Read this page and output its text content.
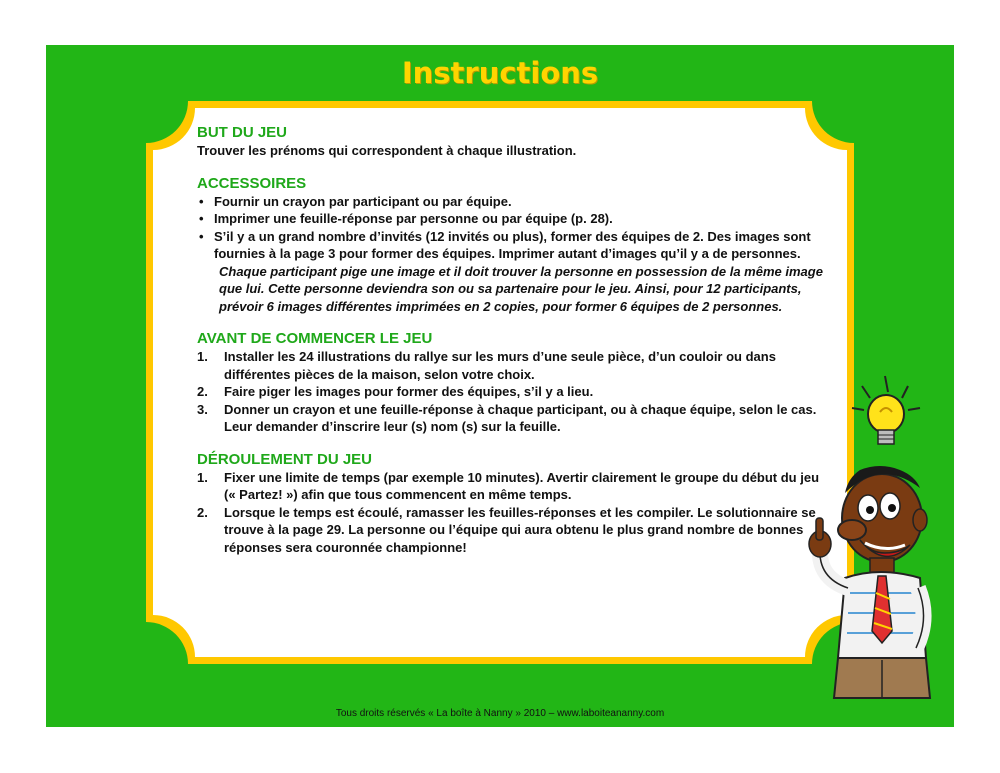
Instructions
BUT DU JEU

Trouver les prénoms qui correspondent à chaque illustration.

ACCESSOIRES
• Fournir un crayon par participant ou par équipe.
• Imprimer une feuille-réponse par personne ou par équipe (p. 28).
• S’il y a un grand nombre d’invités (12 invités ou plus), former des équipes de 2. Des images sont fournies à la page 3 pour former des équipes. Imprimer autant d’images qu’il y a de personnes.

Chaque participant pige une image et il doit trouver la personne en possession de la même image que lui. Cette personne deviendra son ou sa partenaire pour le jeu. Ainsi, pour 12 participants, prévoir 6 images différentes imprimées en 2 copies, pour former 6 équipes de 2 personnes.

AVANT DE COMMENCER LE JEU
1. Installer les 24 illustrations du rallye sur les murs d’une seule pièce, d’un couloir ou dans différentes pièces de la maison, selon votre choix.
2. Faire piger les images pour former des équipes, s’il y a lieu.
3. Donner un crayon et une feuille-réponse à chaque participant, ou à chaque équipe, selon le cas. Leur demander d’inscrire leur (s) nom (s) sur la feuille.
DÉROULEMENT DU JEU
1. Fixer une limite de temps (par exemple 10 minutes). Avertir clairement le groupe du début du jeu (« Partez! ») afin que tous commencent en même temps.
2. Lorsque le temps est écoulé, ramasser les feuilles-réponses et les compiler. Le solutionnaire se trouve à la page 29. La personne ou l’équipe qui aura obtenu le plus grand nombre de bonnes réponses sera couronnée championne!
Tous droits réservés « La boîte à Nanny » 2010 – www.laboiteananny.com
